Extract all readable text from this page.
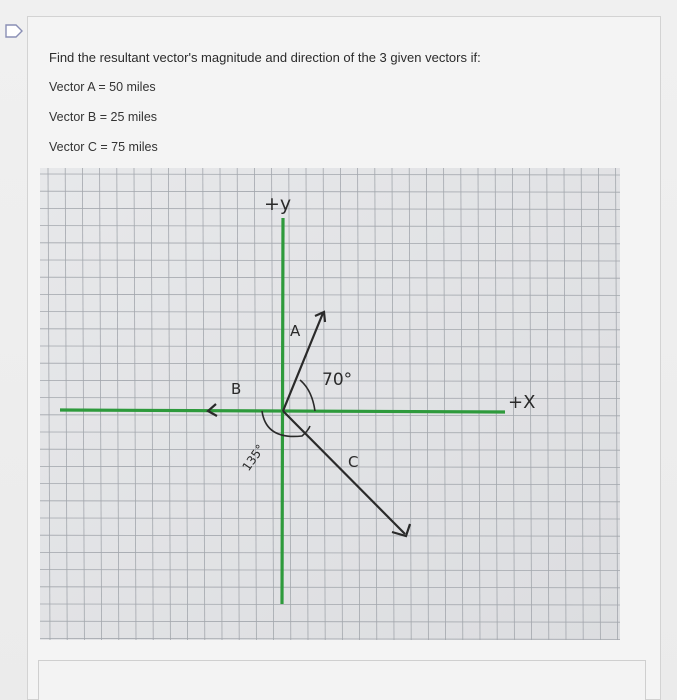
Find the resultant vector's magnitude and direction of the 3 given vectors if:
Vector A = 50 miles
Vector B = 25 miles
Vector C = 75 miles
+y
+X
A
B
C
70°
135°
